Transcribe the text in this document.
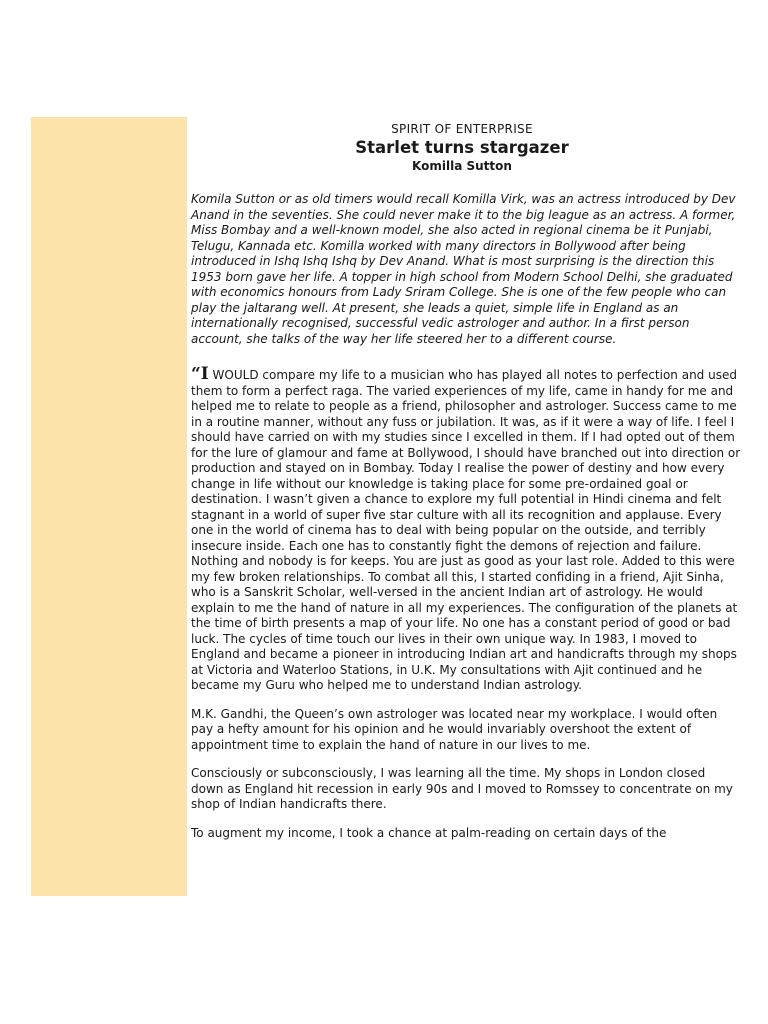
SPIRIT OF ENTERPRISE

Starlet turns stargazer

Komilla Sutton

Komila Sutton or as old timers would recall Komilla Virk, was an actress introduced by Dev Anand in the seventies. She could never make it to the big league as an actress. A former, Miss Bombay and a well-known model, she also acted in regional cinema be it Punjabi, Telugu, Kannada etc. Komilla worked with many directors in Bollywood after being introduced in Ishq Ishq Ishq by Dev Anand. What is most surprising is the direction this 1953 born gave her life. A topper in high school from Modern School Delhi, she graduated with economics honours from Lady Sriram College. She is one of the few people who can play the jaltarang well. At present, she leads a quiet, simple life in England as an internationally recognised, successful vedic astrologer and author. In a first person account, she talks of the way her life steered her to a different course.

“I WOULD compare my life to a musician who has played all notes to perfection and used them to form a perfect raga. The varied experiences of my life, came in handy for me and helped me to relate to people as a friend, philosopher and astrologer. Success came to me in a routine manner, without any fuss or jubilation. It was, as if it were a way of life. I feel I should have carried on with my studies since I excelled in them. If I had opted out of them for the lure of glamour and fame at Bollywood, I should have branched out into direction or production and stayed on in Bombay. Today I realise the power of destiny and how every change in life without our knowledge is taking place for some pre-ordained goal or destination. I wasn’t given a chance to explore my full potential in Hindi cinema and felt stagnant in a world of super five star culture with all its recognition and applause. Every one in the world of cinema has to deal with being popular on the outside, and terribly insecure inside. Each one has to constantly fight the demons of rejection and failure. Nothing and nobody is for keeps. You are just as good as your last role. Added to this were my few broken relationships. To combat all this, I started confiding in a friend, Ajit Sinha, who is a Sanskrit Scholar, well-versed in the ancient Indian art of astrology. He would explain to me the hand of nature in all my experiences. The configuration of the planets at the time of birth presents a map of your life. No one has a constant period of good or bad luck. The cycles of time touch our lives in their own unique way. In 1983, I moved to England and became a pioneer in introducing Indian art and handicrafts through my shops at Victoria and Waterloo Stations, in U.K. My consultations with Ajit continued and he became my Guru who helped me to understand Indian astrology.

M.K. Gandhi, the Queen’s own astrologer was located near my workplace. I would often pay a hefty amount for his opinion and he would invariably overshoot the extent of appointment time to explain the hand of nature in our lives to me.

Consciously or subconsciously, I was learning all the time. My shops in London closed down as England hit recession in early 90s and I moved to Romssey to concentrate on my shop of Indian handicrafts there.

To augment my income, I took a chance at palm-reading on certain days of the
